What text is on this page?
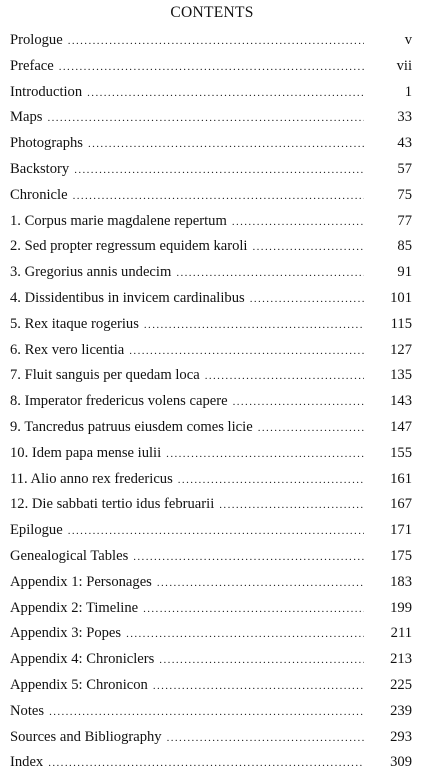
CONTENTS
Prologue .....	v
Preface .....	vii
Introduction .....	1
Maps .....	33
Photographs .....	43
Backstory .....	57
Chronicle .....	75
1. Corpus marie magdalene repertum .....	77
2. Sed propter regressum equidem karoli .....	85
3. Gregorius annis undecim .....	91
4. Dissidentibus in invicem cardinalibus .....	101
5. Rex itaque rogerius .....	115
6. Rex vero licentia .....	127
7. Fluit sanguis per quedam loca .....	135
8. Imperator fredericus volens capere .....	143
9. Tancredus patruus eiusdem comes licie .....	147
10. Idem papa mense iulii .....	155
11. Alio anno rex fredericus .....	161
12. Die sabbati tertio idus februarii .....	167
Epilogue .....	171
Genealogical Tables .....	175
Appendix 1: Personages .....	183
Appendix 2: Timeline .....	199
Appendix 3: Popes .....	211
Appendix 4: Chroniclers .....	213
Appendix 5: Chronicon .....	225
Notes .....	239
Sources and Bibliography .....	293
Index .....	309
